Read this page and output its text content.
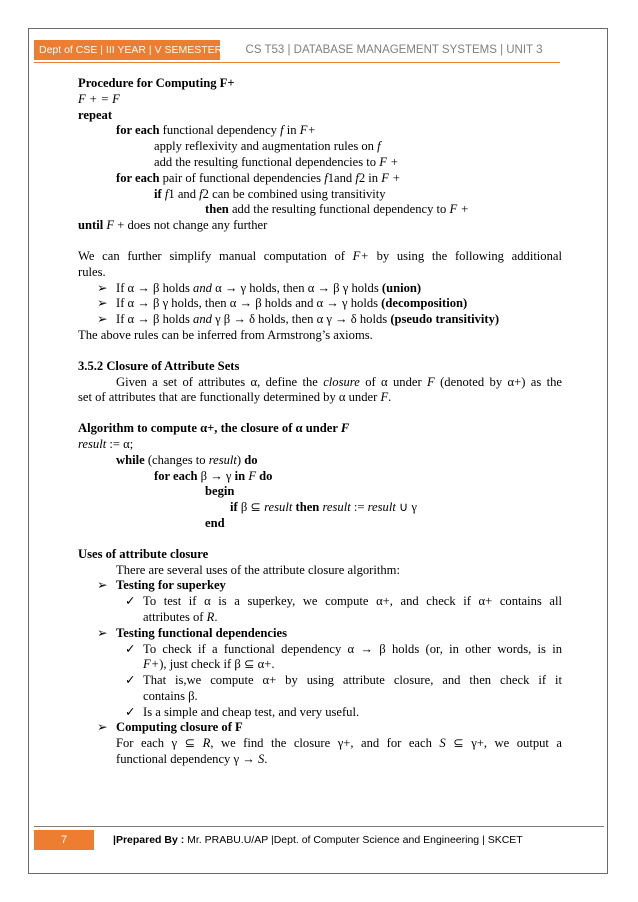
Dept of CSE | III YEAR | V SEMESTER	CS T53 | DATABASE MANAGEMENT SYSTEMS | UNIT 3
Procedure for Computing F+
F + = F
repeat
for each functional dependency f in F+
apply reflexivity and augmentation rules on f
add the resulting functional dependencies to F +
for each pair of functional dependencies f1and f2 in F +
if f1 and f2 can be combined using transitivity
then add the resulting functional dependency to F +
until F + does not change any further
We can further simplify manual computation of F+ by using the following additional
rules.
➢ If α → β holds and α → γ holds, then α → β γ holds (union)
➢ If α → β γ holds, then α → β holds and α → γ holds (decomposition)
➢ If α → β holds and γ β → δ holds, then α γ → δ holds (pseudo transitivity)
The above rules can be inferred from Armstrong’s axioms.
3.5.2 Closure of Attribute Sets
Given a set of attributes α, define the closure of α under F (denoted by α+) as the
set of attributes that are functionally determined by α under F.
Algorithm to compute α+, the closure of α under F
result := α;
while (changes to result) do
for each β → γ in F do
begin
if β ⊆ result then result := result ∪ γ
end
Uses of attribute closure
There are several uses of the attribute closure algorithm:
➢ Testing for superkey
✓ To test if α is a superkey, we compute α+, and check if α+ contains all
attributes of R.
➢ Testing functional dependencies
✓ To check if a functional dependency α → β holds (or, in other words, is in
F+), just check if β ⊆ α+.
✓ That is,we compute α+ by using attribute closure, and then check if it
contains β.
✓ Is a simple and cheap test, and very useful.
➢ Computing closure of F
For each γ ⊆ R, we find the closure γ+, and for each S ⊆ γ+, we output a
functional dependency γ → S.
7	|Prepared By : Mr. PRABU.U/AP |Dept. of Computer Science and Engineering | SKCET
